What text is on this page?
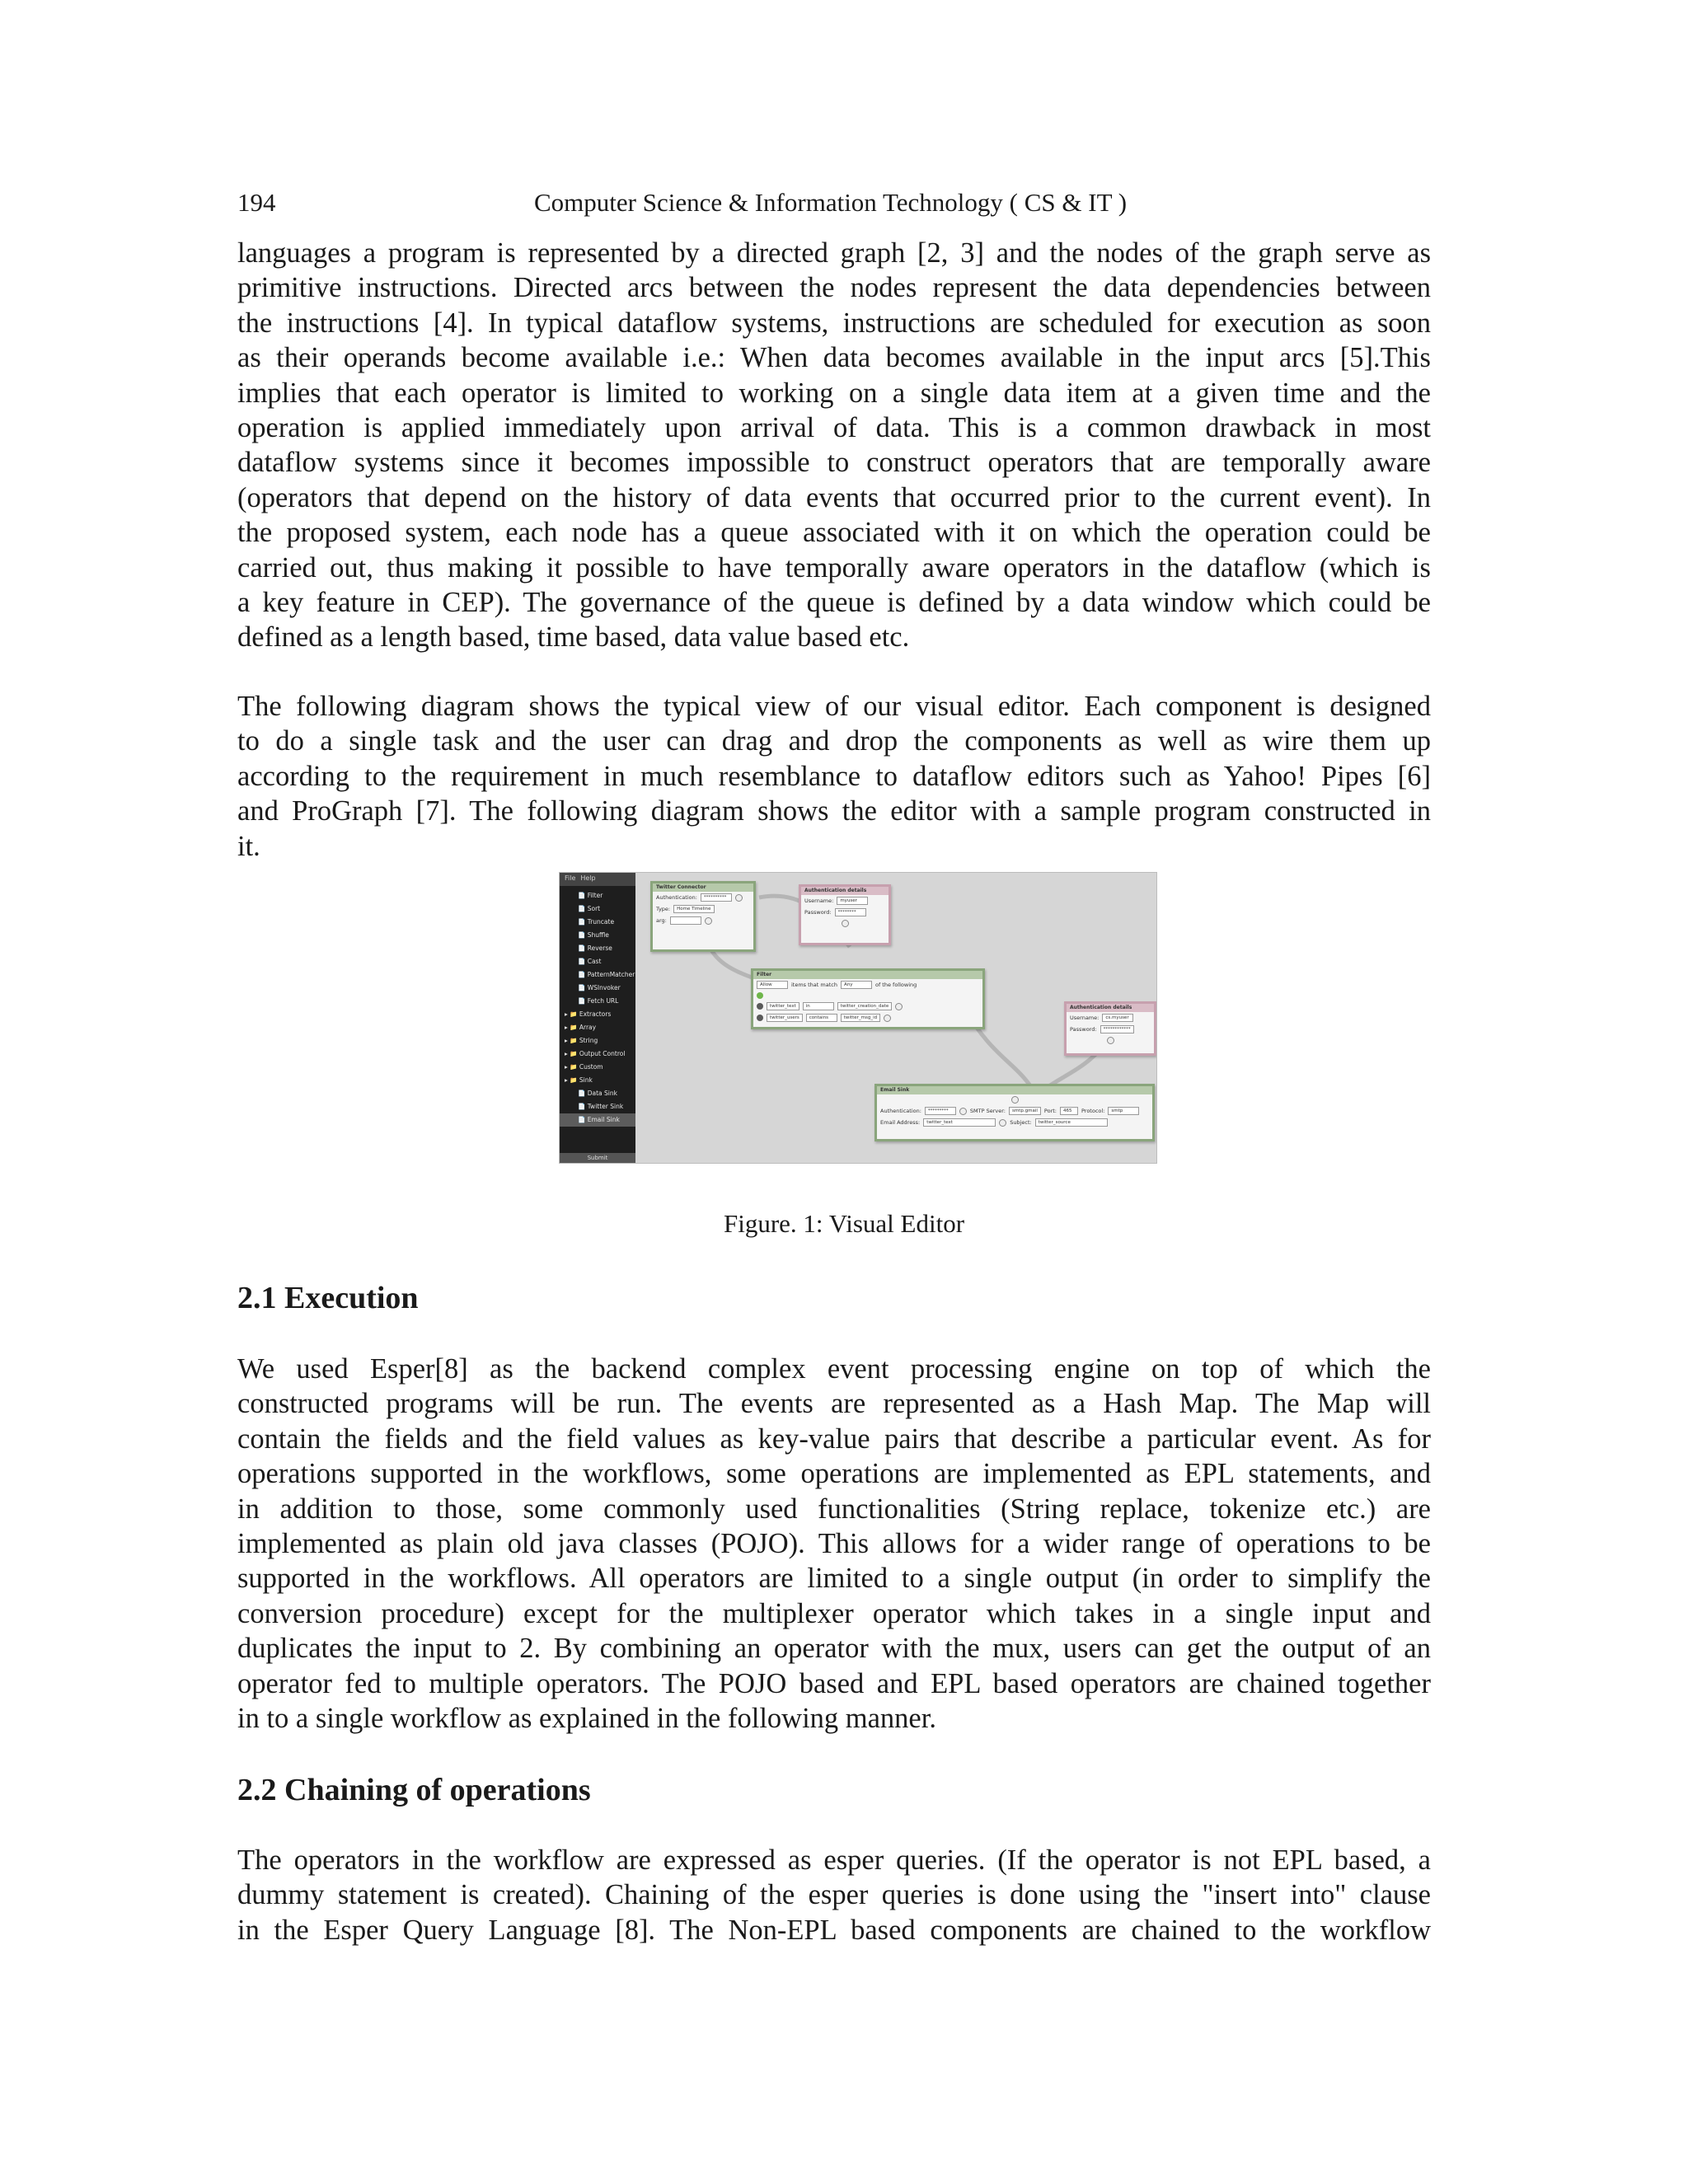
194	Computer Science & Information Technology ( CS & IT )

languages a program is represented by a directed graph [2, 3] and the nodes of the graph serve as
primitive instructions. Directed arcs between the nodes represent the data dependencies between
the instructions [4]. In typical dataflow systems, instructions are scheduled for execution as soon
as their operands become available i.e.: When data becomes available in the input arcs [5].This
implies that each operator is limited to working on a single data item at a given time and the
operation is applied immediately upon arrival of data. This is a common drawback in most
dataflow systems since it becomes impossible to construct operators that are temporally aware
(operators that depend on the history of data events that occurred prior to the current event). In
the proposed system, each node has a queue associated with it on which the operation could be
carried out, thus making it possible to have temporally aware operators in the dataflow (which is
a key feature in CEP). The governance of the queue is defined by a data window which could be
defined as a length based, time based, data value based etc.

The following diagram shows the typical view of our visual editor. Each component is designed
to do a single task and the user can drag and drop the components as well as wire them up
according to the requirement in much resemblance to dataflow editors such as Yahoo! Pipes [6]
and ProGraph [7]. The following diagram shows the editor with a sample program constructed in
it.

File Help
📄 Filter
📄 Sort
📄 Truncate
📄 Shuffle
📄 Reverse
📄 Cast
📄 PatternMatcher
📄 WSInvoker
📄 Fetch URL
▸ 📁 Extractors
▸ 📁 Array
▸ 📁 String
▸ 📁 Output Control
▸ 📁 Custom
▸ 📁 Sink
📄 Data Sink
📄 Twitter Sink
📄 Email Sink
Submit
Twitter Connector
Authentication:	**********
Type:	Home Timeline
arg:
Authentication details
Username:	myuser
Password:	********
Filter
Allow	items that match	Any	of the following
twitter_text	in	twitter_creation_date
twitter_users	contains	twitter_msg_id
Authentication details
Username:	cs.myuser
Password:	************
Email Sink
Authentication:	*********	SMTP Server:	smtp.gmail	Port:	465	Protocol:	smtp
Email Address:	twitter_text	Subject:	twitter_source
Figure. 1: Visual Editor
2.1 Execution

We used Esper[8] as the backend complex event processing engine on top of which the
constructed programs will be run. The events are represented as a Hash Map. The Map will
contain the fields and the field values as key-value pairs that describe a particular event. As for
operations supported in the workflows, some operations are implemented as EPL statements, and
in addition to those, some commonly used functionalities (String replace, tokenize etc.) are
implemented as plain old java classes (POJO). This allows for a wider range of operations to be
supported in the workflows. All operators are limited to a single output (in order to simplify the
conversion procedure) except for the multiplexer operator which takes in a single input and
duplicates the input to 2. By combining an operator with the mux, users can get the output of an
operator fed to multiple operators. The POJO based and EPL based operators are chained together
in to a single workflow as explained in the following manner.

2.2 Chaining of operations

The operators in the workflow are expressed as esper queries. (If the operator is not EPL based, a
dummy statement is created). Chaining of the esper queries is done using the "insert into" clause
in the Esper Query Language [8]. The Non-EPL based components are chained to the workflow
